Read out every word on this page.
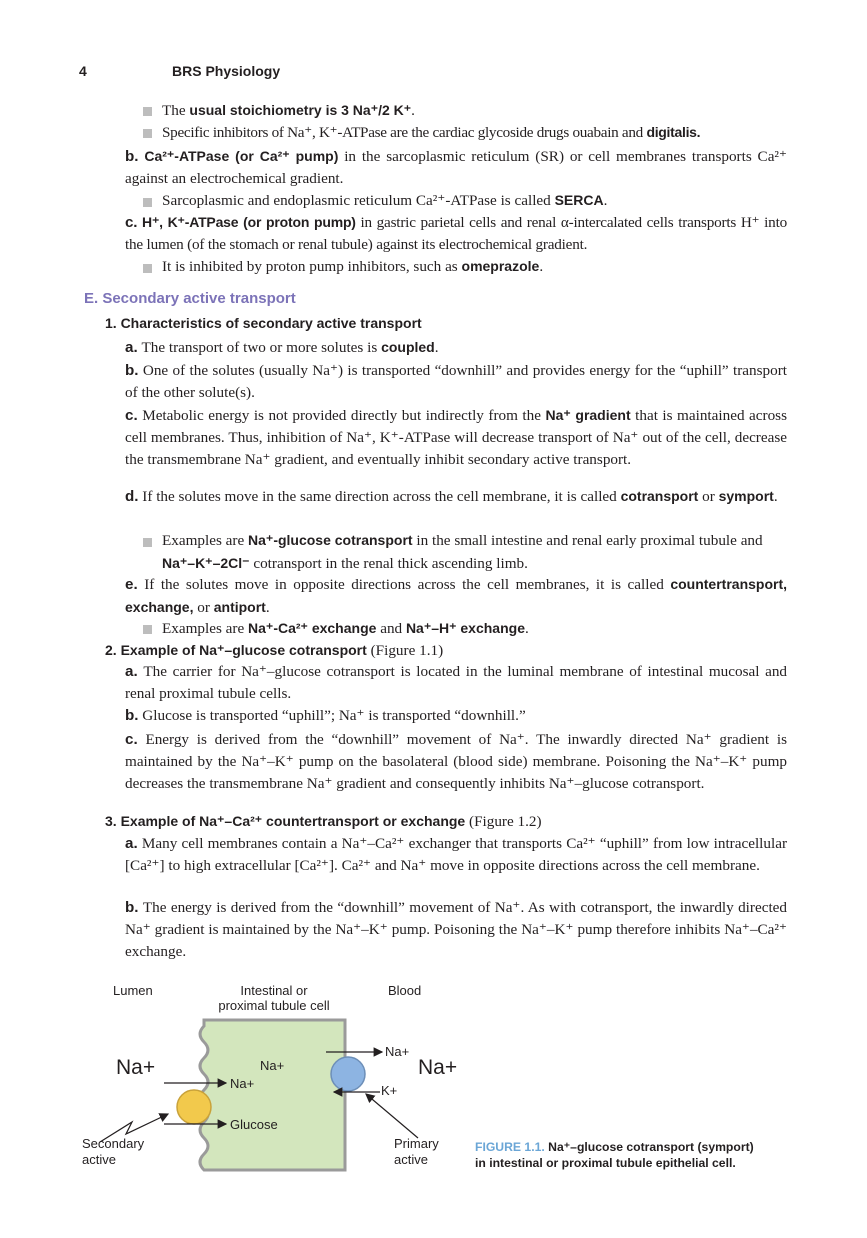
4	BRS Physiology
The usual stoichiometry is 3 Na⁺/2 K⁺.
Specific inhibitors of Na⁺, K⁺-ATPase are the cardiac glycoside drugs ouabain and digitalis.
b. Ca²⁺-ATPase (or Ca²⁺ pump) in the sarcoplasmic reticulum (SR) or cell membranes transports Ca²⁺ against an electrochemical gradient.
Sarcoplasmic and endoplasmic reticulum Ca²⁺-ATPase is called SERCA.
c. H⁺, K⁺-ATPase (or proton pump) in gastric parietal cells and renal α-intercalated cells transports H⁺ into the lumen (of the stomach or renal tubule) against its electrochemical gradient.
It is inhibited by proton pump inhibitors, such as omeprazole.
E. Secondary active transport
1. Characteristics of secondary active transport
a. The transport of two or more solutes is coupled.
b. One of the solutes (usually Na⁺) is transported “downhill” and provides energy for the “uphill” transport of the other solute(s).
c. Metabolic energy is not provided directly but indirectly from the Na⁺ gradient that is maintained across cell membranes. Thus, inhibition of Na⁺, K⁺-ATPase will decrease transport of Na⁺ out of the cell, decrease the transmembrane Na⁺ gradient, and eventually inhibit secondary active transport.
d. If the solutes move in the same direction across the cell membrane, it is called cotransport or symport.
Examples are Na⁺-glucose cotransport in the small intestine and renal early proximal tubule and Na⁺–K⁺–2Cl⁻ cotransport in the renal thick ascending limb.
e. If the solutes move in opposite directions across the cell membranes, it is called countertransport, exchange, or antiport.
Examples are Na⁺-Ca²⁺ exchange and Na⁺–H⁺ exchange.
2. Example of Na⁺–glucose cotransport (Figure 1.1)
a. The carrier for Na⁺–glucose cotransport is located in the luminal membrane of intestinal mucosal and renal proximal tubule cells.
b. Glucose is transported “uphill”; Na⁺ is transported “downhill.”
c. Energy is derived from the “downhill” movement of Na⁺. The inwardly directed Na⁺ gradient is maintained by the Na⁺–K⁺ pump on the basolateral (blood side) membrane. Poisoning the Na⁺–K⁺ pump decreases the transmembrane Na⁺ gradient and consequently inhibits Na⁺–glucose cotransport.
3. Example of Na⁺–Ca²⁺ countertransport or exchange (Figure 1.2)
a. Many cell membranes contain a Na⁺–Ca²⁺ exchanger that transports Ca²⁺ “uphill” from low intracellular [Ca²⁺] to high extracellular [Ca²⁺]. Ca²⁺ and Na⁺ move in opposite directions across the cell membrane.
b. The energy is derived from the “downhill” movement of Na⁺. As with cotransport, the inwardly directed Na⁺ gradient is maintained by the Na⁺–K⁺ pump. Poisoning the Na⁺–K⁺ pump therefore inhibits Na⁺–Ca²⁺ exchange.
Lumen	Intestinal or
proximal tubule cell
Blood
Na+	Na+
Na+
Glucose
Na+
Na+
K+
Secondary
active
Primary
active
FIGURE 1.1. Na⁺–glucose cotransport (symport)
in intestinal or proximal tubule epithelial cell.
